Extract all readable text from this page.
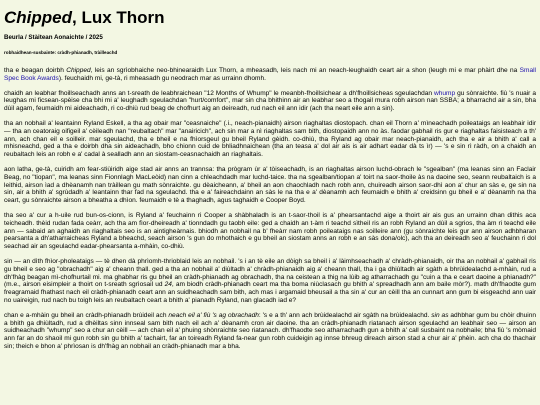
Chipped, Lux Thorn
Beurla / Stàitean Aonaichte / 2025
robhaidhean-susbainte: cràdh-phianadh, tràilleachd

tha e beagan doirbh Chipped, leis an sgrìobhaiche neo-bhinearaidh Lux Thorn, a mheasadh, leis nach mi an neach-leughaidh ceart air a shon (leugh mi e mar phàirt dhe na Small Spec Book Awards). feuchaidh mi, ge-tà, ri mheasadh gu neodrach mar as urrainn dhomh.

chaidh an leabhar fhoillseachadh anns an t-sreath de leabhraichean "12 Months of Whump" le meanbh-fhoillsichear a dh'fhoillsicheas sgeulachdan whump gu sònraichte. fiù 's nuair a leughas mi ficsean-spèise cha bhi mi a' leughadh sgeulachdan "hurt/comfort", mar sin cha bhithinn air an leabhar seo a thogail mura robh airson nan SSBA; a bharrachd air a sin, bha dùil agam, feumaidh mi aideachadh, ri co-dhiù rud beag de chofhurt aig an deireadh, rud nach eil ann idir (ach tha neart eile ann a sin).

tha an nobhail a' leantainn Ryland Eskell, a tha ag obair mar "ceasnaiche" (.i., neach-pianaidh) airson riaghaltas diostopach. chan eil Thorn a' mìneachadh poileataigs an leabhair idir — tha an ceatoraig oifigeil a' cèileadh nan "reubaltach" mar "anairicich", ach sin mar a nì riaghaltas sam bith, diostopaidh ann no às. faodar gabhail ris gur e riaghaltas faisisteach a th' ann, ach chan eil e soilleir. mar sgeulachd, tha e bheil e na fhìorsgeul gu bheil Ryland gèidh. co-dhiù, tha Ryland ag obair mar neach-pianaidh, ach tha e air a bhith a' call a mhisneachd, ged a tha e doirbh dha sin aideachadh, bho chionn cuid de bhliadhnaichean (tha an teasa a' dol air ais is air adhart eadar dà ts ìr) — 's e sin rì ràdh, on a chaidh an reubaltach leis an robh e a' cadal à sealladh ann an siostam-ceasnachaidh an riaghaltais.

aon latha, ge-tà, cuiridh am fear-stiùiridh aige stad air anns an trannsa: tha prògram ùr a' tòiseachadh, is an riaghaltas airson luchd-obrach le "sgealban" (ma leanas sinn an Faclair Beag, no "tiopan", ma leanas sinn Fionnlagh MacLeòid) nan cinn a chleachdadh mar luchd-taice. tha na sgealban/tiopan a' toirt na saor-thoile às na daoine seo, seann reubaltaich is a leithid, airson ìad a dhèanamh nan tràillean gu math sònraichte. gu dèaicheann, a' bheil an aon chaochladh nach robh ann, chuireadh airson saor-dhì aon a' chur an sàs e, ge sin na sin, air a bhith a' sgrùdadh a' leantainn thar fad na sgeulachd. tha e a' faireachdainn an sàs le na tha e a' dèanamh ach feumaidh e bhith a' creidsinn gu bheil e a' dèanamh na tha ceart, gu sònraichte airson a bheatha a dhìon. feumaidh e tè a thaghadh, agus taghaidh e Cooper Boyd.

tha seo a' cur a h-uile rud bun-os-cionn, is Ryland a' feuchainn ri Cooper a shàbhaladh is an t-saor-thoil is a' phearsantachd aige a thoirt air ais gus an urrainn dhan dithis aca teicheadh. thèid rudan fada ceàrr, ach tha am fìor-dheireadh a' tionndadh gu taobh eile: ged a chaidh an t-àm ri teachd sìtheil ris an robh Ryland an dùil a sgrios, tha àm ri teachd eile ann — sabaid an aghaidh an riaghaltais seo is an aintigheàrnais. bhiodh an nobhail na b' fheàrr nam robh poileataigs nas soilleire ann (gu sònraichte leis gur ann airson adhbharan pearsanta a dh'atharraicheas Ryland a bheachd, seach airson 's gun do mhothaich e gu bheil an siostam anns an robh e an sàs dona/olc), ach tha an deireadh seo a' feuchainn ri dol seachad air an sgeulachd eadar-phearsanta a-mhàin, co-dhiù.

sin — an dìth fhìor-pholeataigs — tè dhen dà phrìomh-thrioblaid leis an nobhail. 's i an tè eile an dòigh sa bheil i a' làimhseachadh a' chràdh-phianaidh, oir tha an nobhail a' gabhail ris gu bheil e seo ag "obrachadh" aig a' cheann thall. ged a tha an nobhail a' diùltadh a' chràdh-phianaidh aig a' cheann thall, tha i ga dhiùltadh air sgàth a bhrùidealachd a-mhàin, rud a dh'fhàg beagan mì-chofhurtail mi. ma ghabhar ris gu bheil an cràdh-phianadh ag obrachadh, tha na ceistean a thig na lùib ag atharrachadh gu "cuin a tha e ceart daoine a phianadh?" (m.e., airson eisimpleir a thoirt on t-sreath sgrìosail ud 24, am biodh cràdh-phianadh ceart ma tha boma niùclasach gu bhith a' spreadhadh ann am baile mòr?). math dh'fhaodte gum freagramaid fhathast nach eil cràdh-phianadh ceart ann an suidheachadh sam bith, ach mas i argamaid bheusail a tha sin a' cur an cèill tha an cunnart ann gum bi eisgeachd ann uair no uaireigin, rud nach bu toigh leis an reubaltach ceart a bhith a' pianadh Ryland, nan glacadh iad e?

chan e a-mhàin gu bheil an cràdh-phianadh brùideil ach neach eil a' fiù 's ag obrachadh: 's e a th' ann ach brùidealachd air sgàth na brùidealachd. sin as adhbhar gum bu chòir dhuinn a bhith ga dhiùltadh, rud a dhèiltas sinn innseal sam bith nach eil ach a' dèanamh cron air daoine. tha an cràdh-phianadh riatanach airson sgeulachd an leabhair seo — airson an suidheachadh "whump" seo a chur an cèill — ach chan eil a' phuing shònraichte seo riatanach. dh'fhaodte seo atharrachadh gun a bhith a' call susbaint na nobhaile; bha fiù 's mòmaid ann far an do shaoil mi gun robh sin gu bhith a' tachairt, far an toireadh Ryland fa-near gun robh cuideigin ag innse bhreug direach airson stad a chur air a' phèin. ach cha do thachair sin; theich e bhon a' phrìosan is dh'fhàg an nobhail an cràdh-phianadh mar a bha.
